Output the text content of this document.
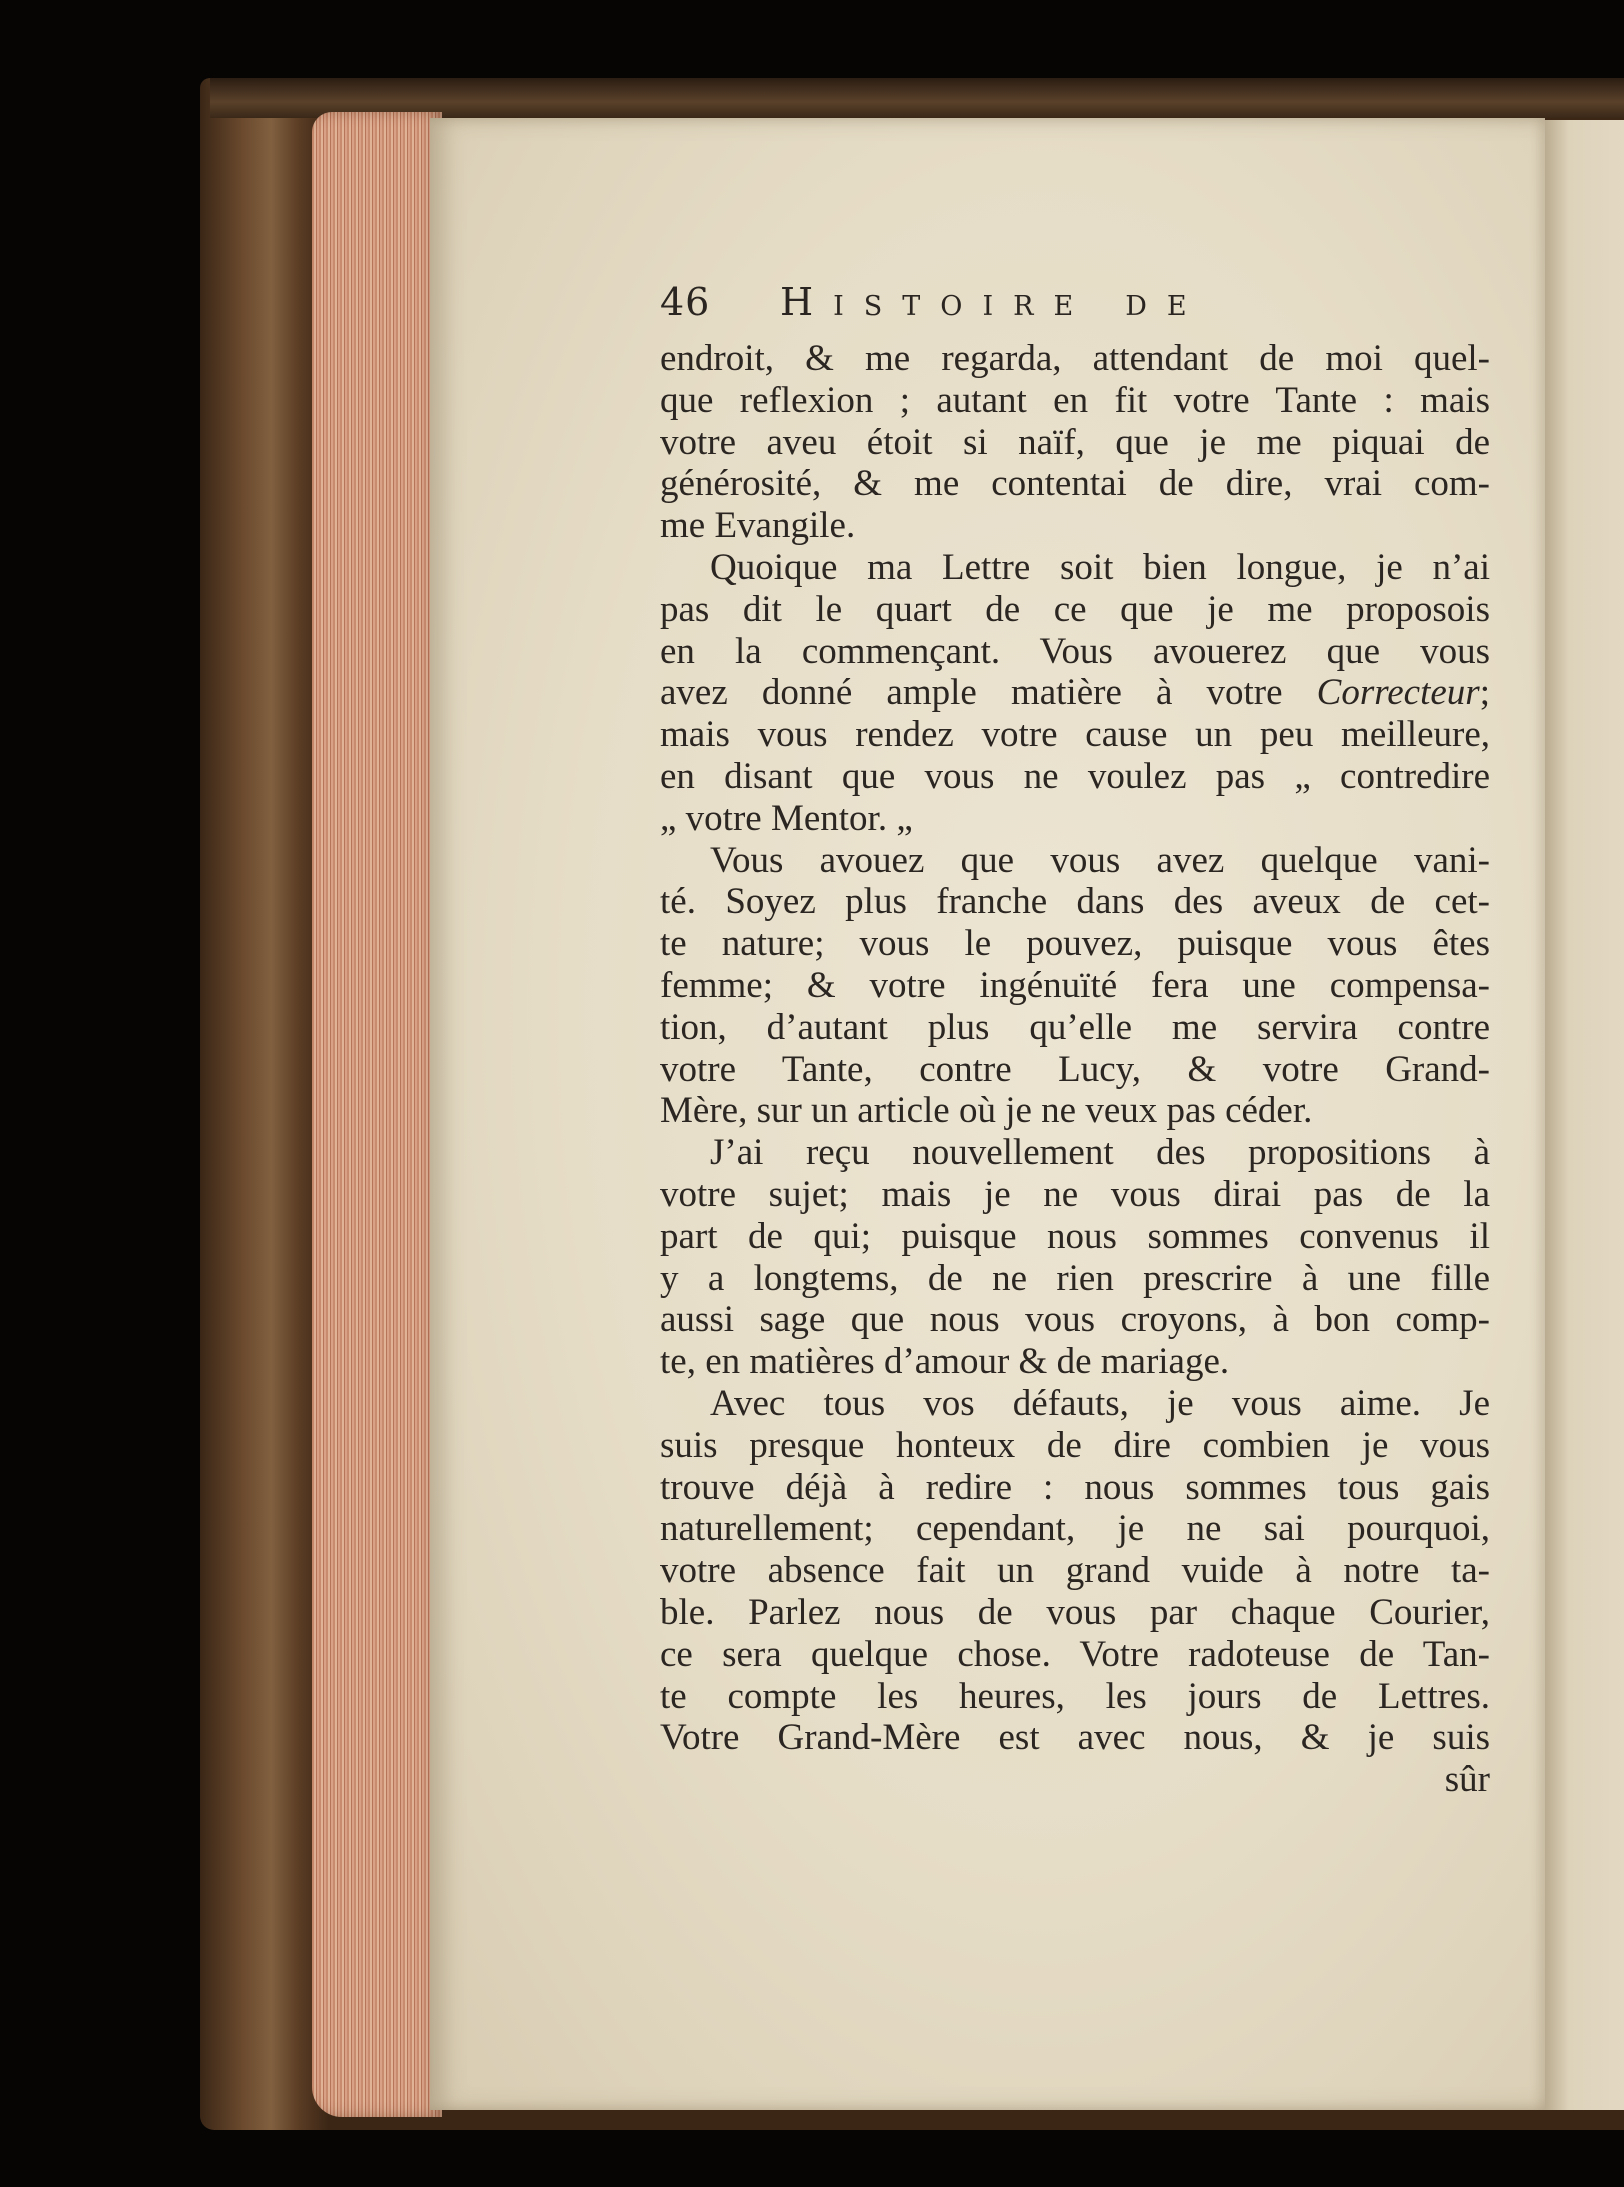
46 Histoire de
endroit, & me regarda, attendant de moi quel-
que reflexion ; autant en fit votre Tante : mais
votre aveu étoit si naïf, que je me piquai de
générosité, & me contentai de dire, vrai com-
me Evangile.
Quoique ma Lettre soit bien longue, je n’ai
pas dit le quart de ce que je me proposois
en la commençant. Vous avouerez que vous
avez donné ample matière à votre Correcteur;
mais vous rendez votre cause un peu meilleure,
en disant que vous ne voulez pas „ contredire
„ votre Mentor. „
Vous avouez que vous avez quelque vani-
té. Soyez plus franche dans des aveux de cet-
te nature; vous le pouvez, puisque vous êtes
femme; & votre ingénuïté fera une compensa-
tion, d’autant plus qu’elle me servira contre
votre Tante, contre Lucy, & votre Grand-
Mère, sur un article où je ne veux pas céder.
J’ai reçu nouvellement des propositions à
votre sujet; mais je ne vous dirai pas de la
part de qui; puisque nous sommes convenus il
y a longtems, de ne rien prescrire à une fille
aussi sage que nous vous croyons, à bon comp-
te, en matières d’amour & de mariage.
Avec tous vos défauts, je vous aime. Je
suis presque honteux de dire combien je vous
trouve déjà à redire : nous sommes tous gais
naturellement; cependant, je ne sai pourquoi,
votre absence fait un grand vuide à notre ta-
ble. Parlez nous de vous par chaque Courier,
ce sera quelque chose. Votre radoteuse de Tan-
te compte les heures, les jours de Lettres.
Votre Grand-Mère est avec nous, & je suis
sûr
